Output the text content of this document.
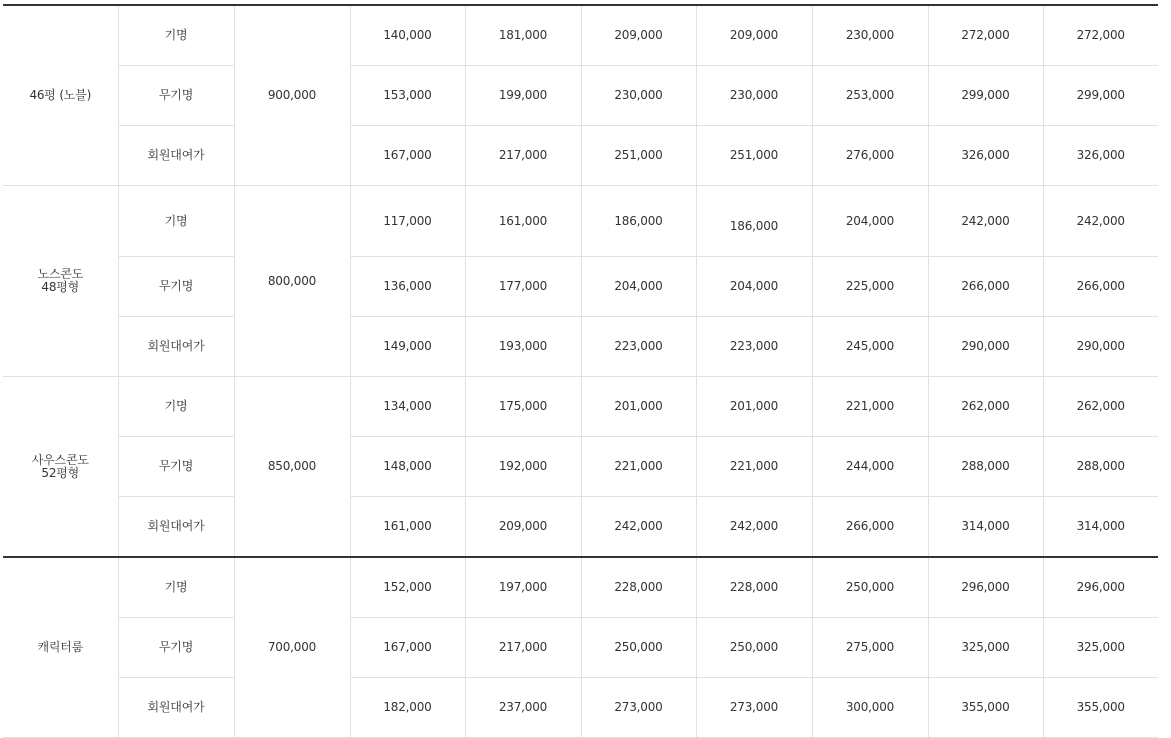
46평 (노블)	기명	900,000	140,000	181,000	209,000	209,000	230,000	272,000	272,000
	무기명		153,000	199,000	230,000	230,000	253,000	299,000	299,000
	회원대여가		167,000	217,000	251,000	251,000	276,000	326,000	326,000

노스콘도
48평형	기명	800,000	117,000	161,000	186,000	186,000	204,000	242,000	242,000
	무기명		136,000	177,000	204,000	204,000	225,000	266,000	266,000
	회원대여가		149,000	193,000	223,000	223,000	245,000	290,000	290,000

사우스콘도
52평형	기명	850,000	134,000	175,000	201,000	201,000	221,000	262,000	262,000
	무기명		148,000	192,000	221,000	221,000	244,000	288,000	288,000
	회원대여가		161,000	209,000	242,000	242,000	266,000	314,000	314,000

캐릭터룸	기명	700,000	152,000	197,000	228,000	228,000	250,000	296,000	296,000
	무기명		167,000	217,000	250,000	250,000	275,000	325,000	325,000
	회원대여가		182,000	237,000	273,000	273,000	300,000	355,000	355,000
